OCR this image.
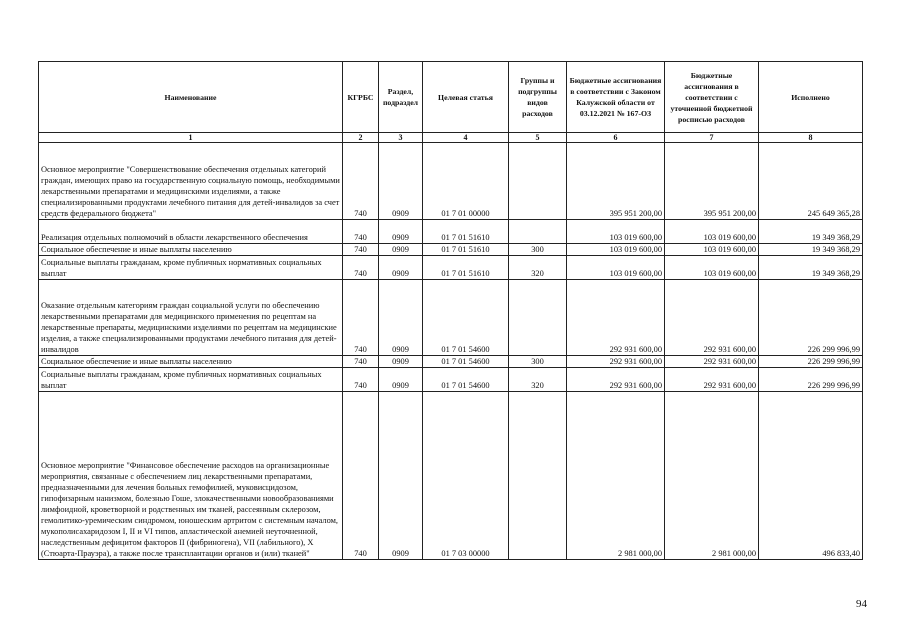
Наименование	КГРБС	Раздел, подраздел	Целевая статья	Группы и подгруппы видов расходов	Бюджетные ассигнования в соответствии с Законом Калужской области от 03.12.2021 № 167-ОЗ	Бюджетные ассигнования в соответствии с уточненной бюджетной росписью расходов	Исполнено
1	2	3	4	5	6	7	8
Основное мероприятие "Совершенствование обеспечения отдельных категорий граждан, имеющих право на государственную социальную помощь, необходимыми лекарственными препаратами и медицинскими изделиями, а также специализированными продуктами лечебного питания для детей-инвалидов за счет средств федерального бюджета"	740	0909	01 7 01 00000		395 951 200,00	395 951 200,00	245 649 365,28
Реализация отдельных полномочий в области лекарственного обеспечения	740	0909	01 7 01 51610		103 019 600,00	103 019 600,00	19 349 368,29
Социальное обеспечение и иные выплаты населению	740	0909	01 7 01 51610	300	103 019 600,00	103 019 600,00	19 349 368,29
Социальные выплаты гражданам, кроме публичных нормативных социальных выплат	740	0909	01 7 01 51610	320	103 019 600,00	103 019 600,00	19 349 368,29
Оказание отдельным категориям граждан социальной услуги по обеспечению лекарственными препаратами для медицинского применения по рецептам на лекарственные препараты, медицинскими изделиями по рецептам на медицинские изделия, а также специализированными продуктами лечебного питания для детей-инвалидов	740	0909	01 7 01 54600		292 931 600,00	292 931 600,00	226 299 996,99
Социальное обеспечение и иные выплаты населению	740	0909	01 7 01 54600	300	292 931 600,00	292 931 600,00	226 299 996,99
Социальные выплаты гражданам, кроме публичных нормативных социальных выплат	740	0909	01 7 01 54600	320	292 931 600,00	292 931 600,00	226 299 996,99
Основное мероприятие "Финансовое обеспечение расходов на организационные мероприятия, связанные с обеспечением лиц лекарственными препаратами, предназначенными для лечения больных гемофилией, муковисцидозом, гипофизарным нанизмом, болезнью Гоше, злокачественными новообразованиями лимфоидной, кроветворной и родственных им тканей, рассеянным склерозом, гемолитико-уремическим синдромом, юношеским артритом с системным началом, мукополисахаридозом I, II и VI типов, апластической анемией неуточненной, наследственным дефицитом факторов II (фибриногена), VII (лабильного), X (Стюарта-Прауэра), а также после трансплантации органов и (или) тканей"	740	0909	01 7 03 00000		2 981 000,00	2 981 000,00	496 833,40
94
